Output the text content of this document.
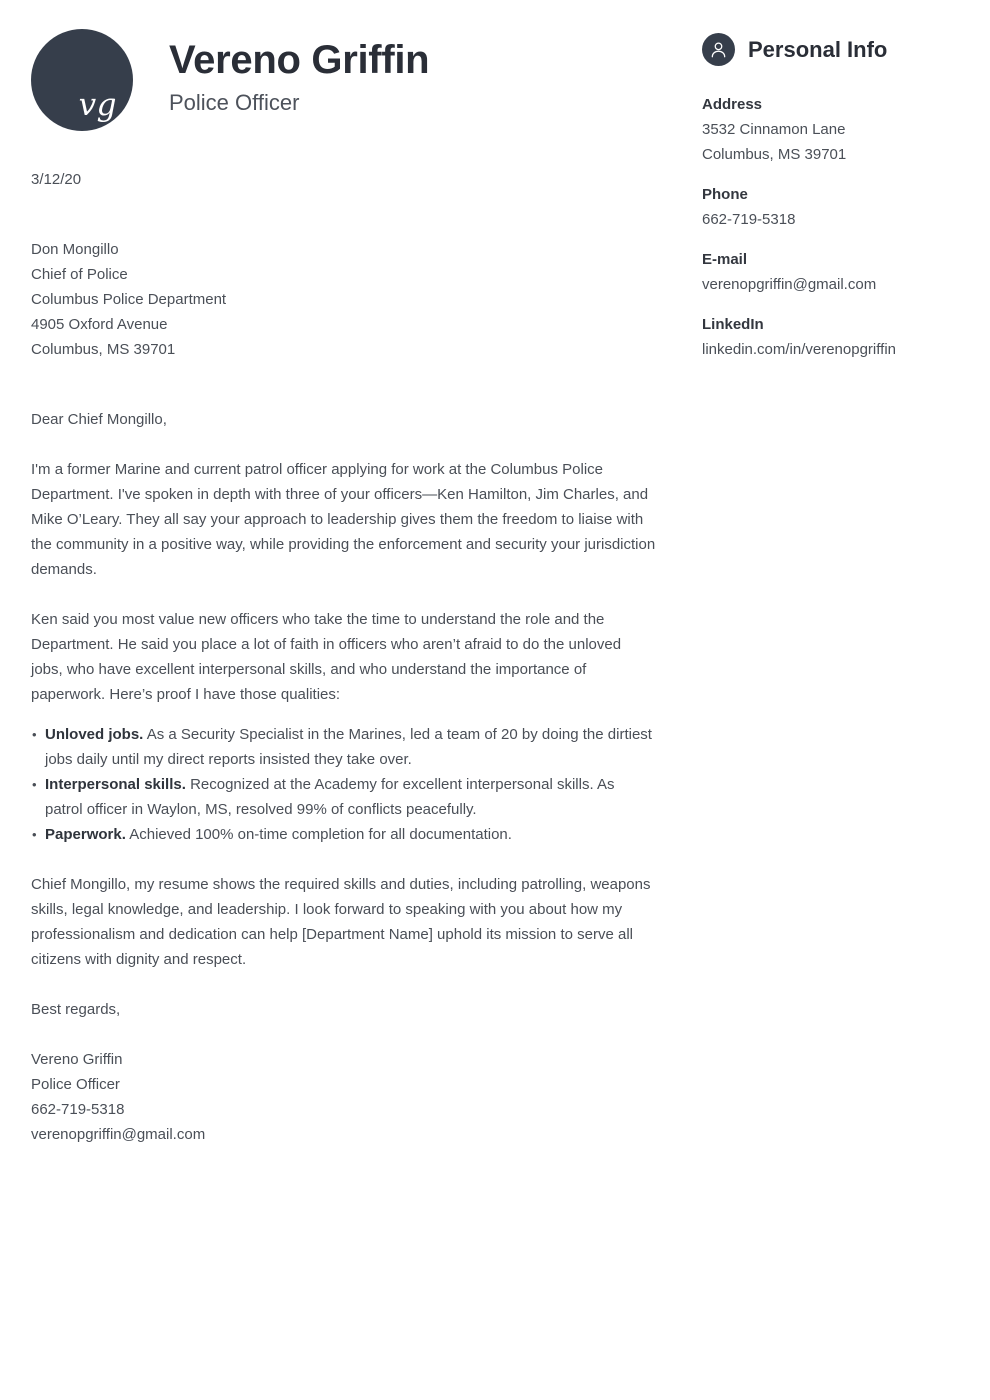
vg
Vereno Griffin
Police Officer
3/12/20
Don Mongillo
Chief of Police
Columbus Police Department
4905 Oxford Avenue
Columbus, MS 39701
Dear Chief Mongillo,

I'm a former Marine and current patrol officer applying for work at the Columbus Police Department. I've spoken in depth with three of your officers—Ken Hamilton, Jim Charles, and Mike O’Leary. They all say your approach to leadership gives them the freedom to liaise with the community in a positive way, while providing the enforcement and security your jurisdiction demands.

Ken said you most value new officers who take the time to understand the role and the Department. He said you place a lot of faith in officers who aren’t afraid to do the unloved jobs, who have excellent interpersonal skills, and who understand the importance of paperwork. Here’s proof I have those qualities:

• Unloved jobs. As a Security Specialist in the Marines, led a team of 20 by doing the dirtiest jobs daily until my direct reports insisted they take over.
• Interpersonal skills. Recognized at the Academy for excellent interpersonal skills. As patrol officer in Waylon, MS, resolved 99% of conflicts peacefully.
• Paperwork. Achieved 100% on-time completion for all documentation.

Chief Mongillo, my resume shows the required skills and duties, including patrolling, weapons skills, legal knowledge, and leadership. I look forward to speaking with you about how my professionalism and dedication can help [Department Name] uphold its mission to serve all citizens with dignity and respect.

Best regards,
Vereno Griffin
Police Officer
662-719-5318
verenopgriffin@gmail.com
Personal Info
Address
3532 Cinnamon Lane
Columbus, MS 39701
Phone
662-719-5318
E-mail
verenopgriffin@gmail.com
LinkedIn
linkedin.com/in/verenopgriffin
